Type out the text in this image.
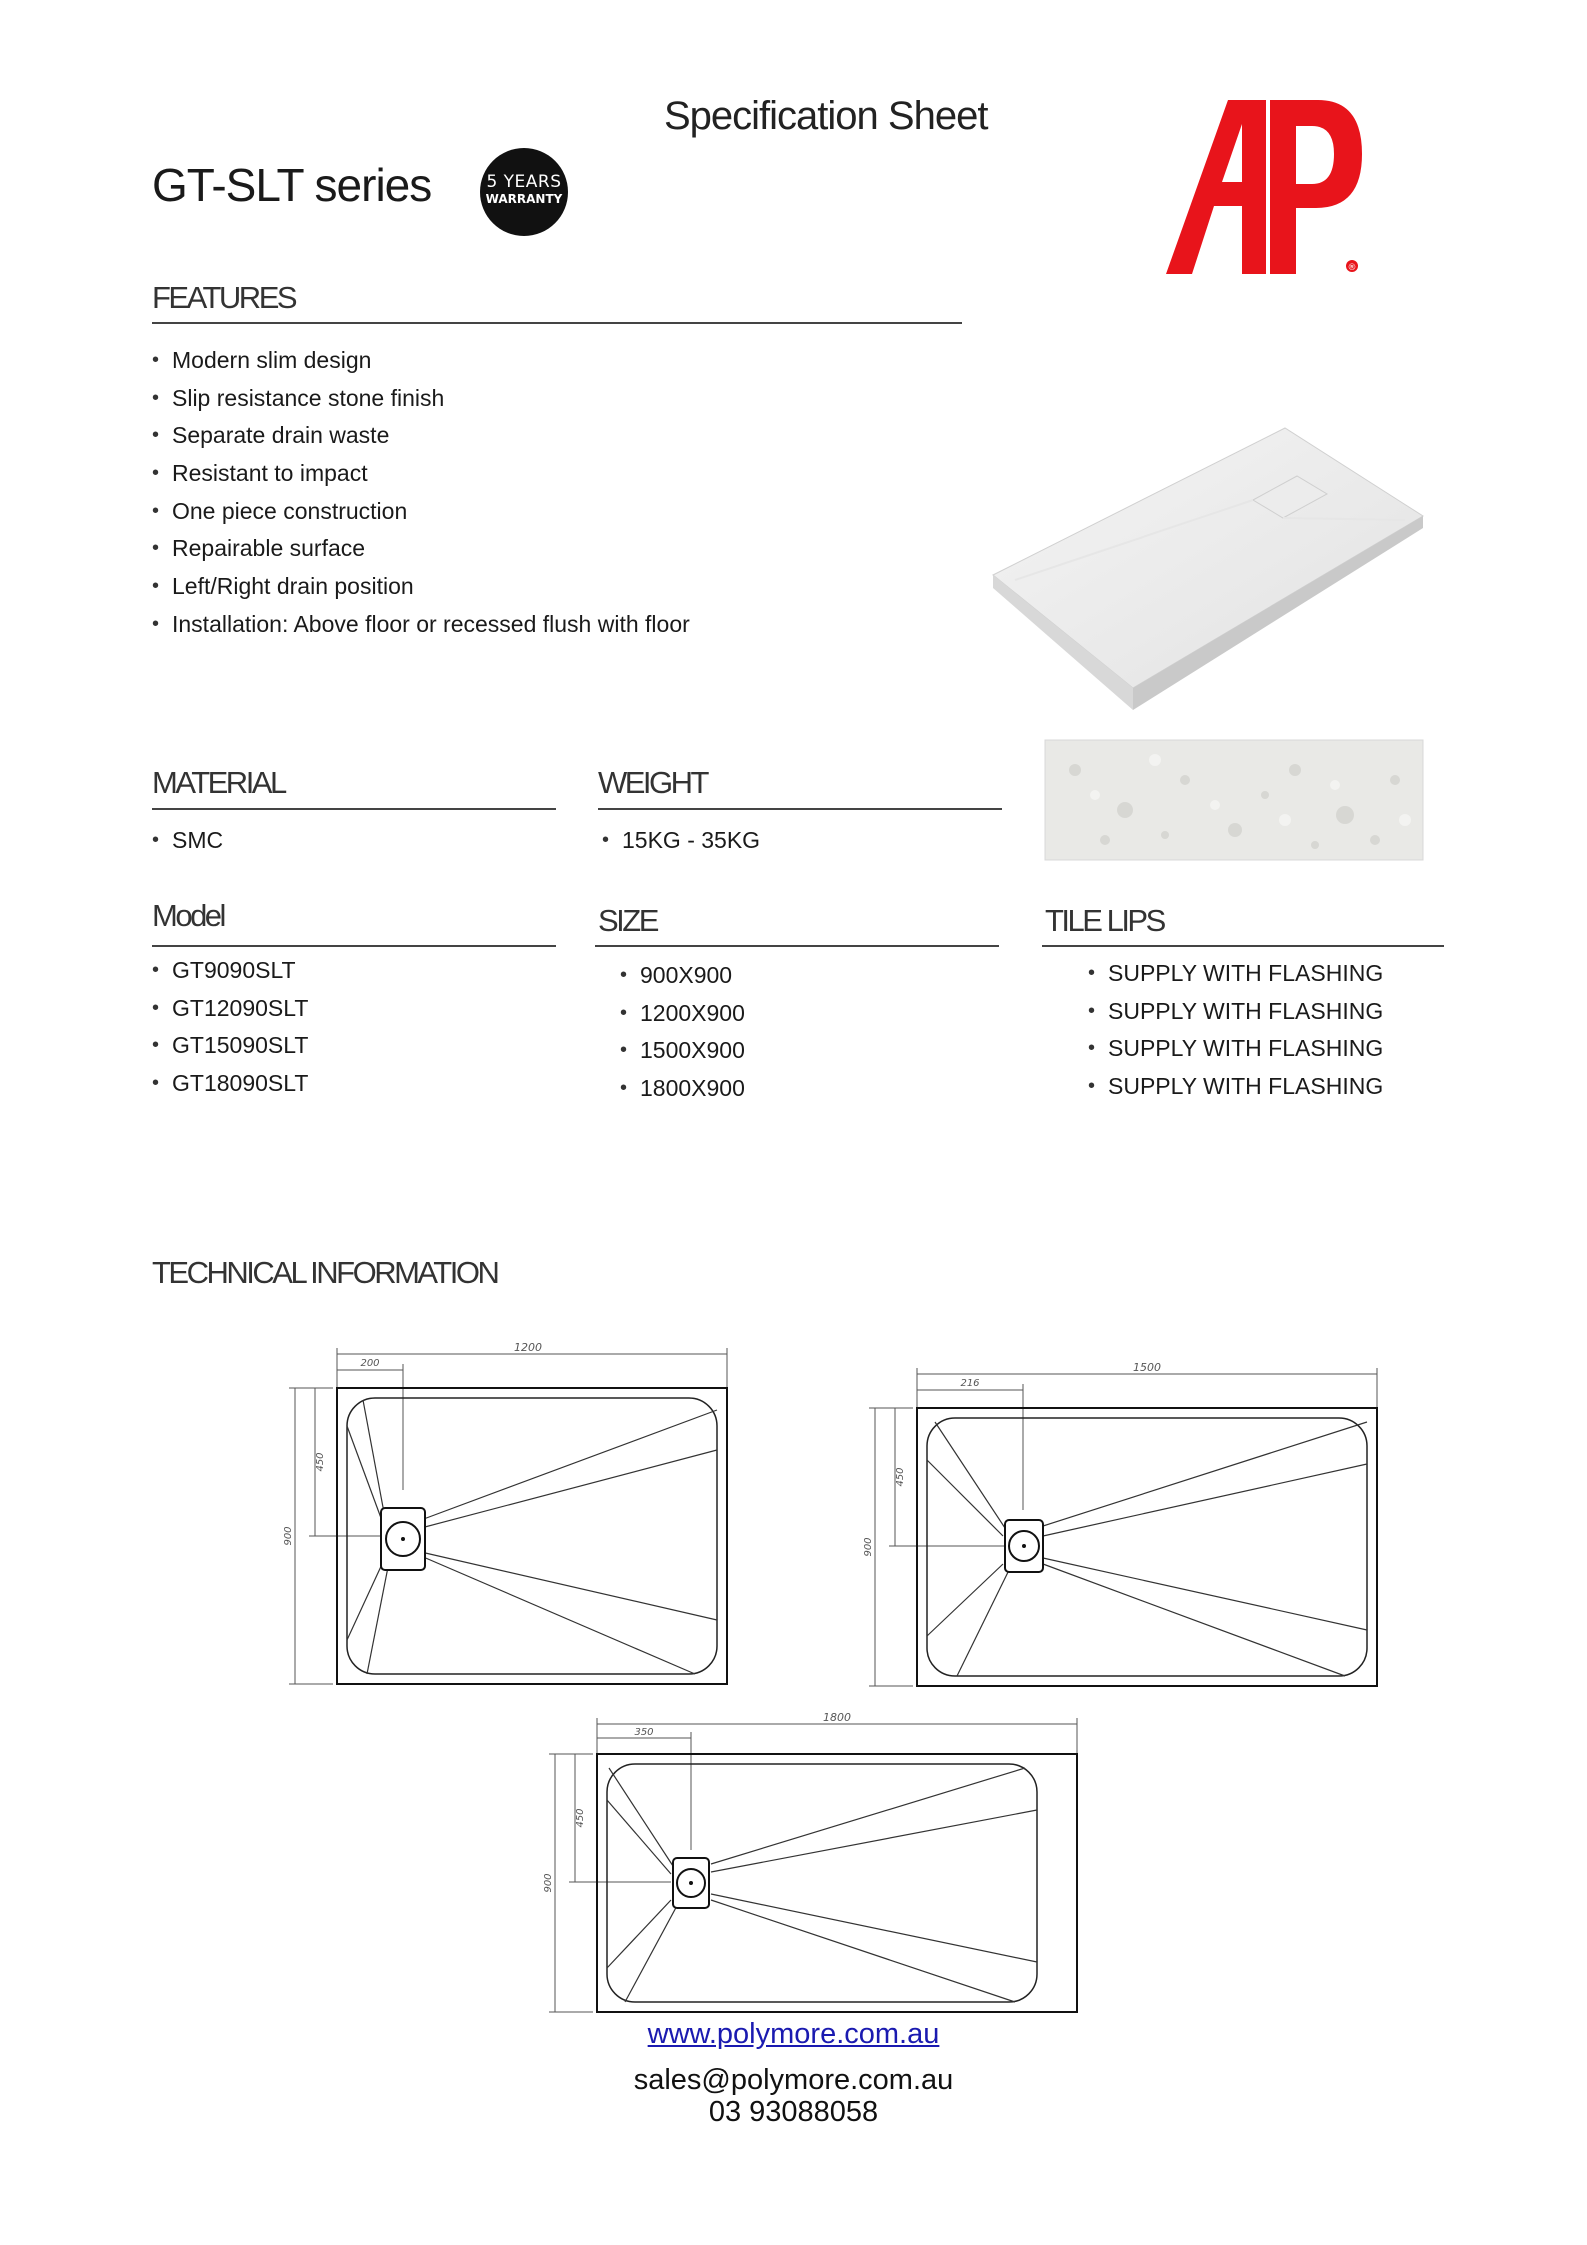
Specification Sheet
GT-SLT series	5 YEARS
WARRANTY
®
FEATURES
• Modern slim design
• Slip resistance stone finish
• Separate drain waste
• Resistant to impact
• One piece construction
• Repairable surface
• Left/Right drain position
• Installation: Above floor or recessed flush with floor
MATERIAL
• SMC
WEIGHT
• 15KG - 35KG
Model
• GT9090SLT
• GT12090SLT
• GT15090SLT
• GT18090SLT
SIZE
• 900X900
• 1200X900
• 1500X900
• 1800X900
TILE LIPS
• SUPPLY WITH FLASHING
• SUPPLY WITH FLASHING
• SUPPLY WITH FLASHING
• SUPPLY WITH FLASHING
TECHNICAL INFORMATION
1200
200
450
900
1500
216
450
900
1800
350
450
900
www.polymore.com.au
sales@polymore.com.au
03 93088058
